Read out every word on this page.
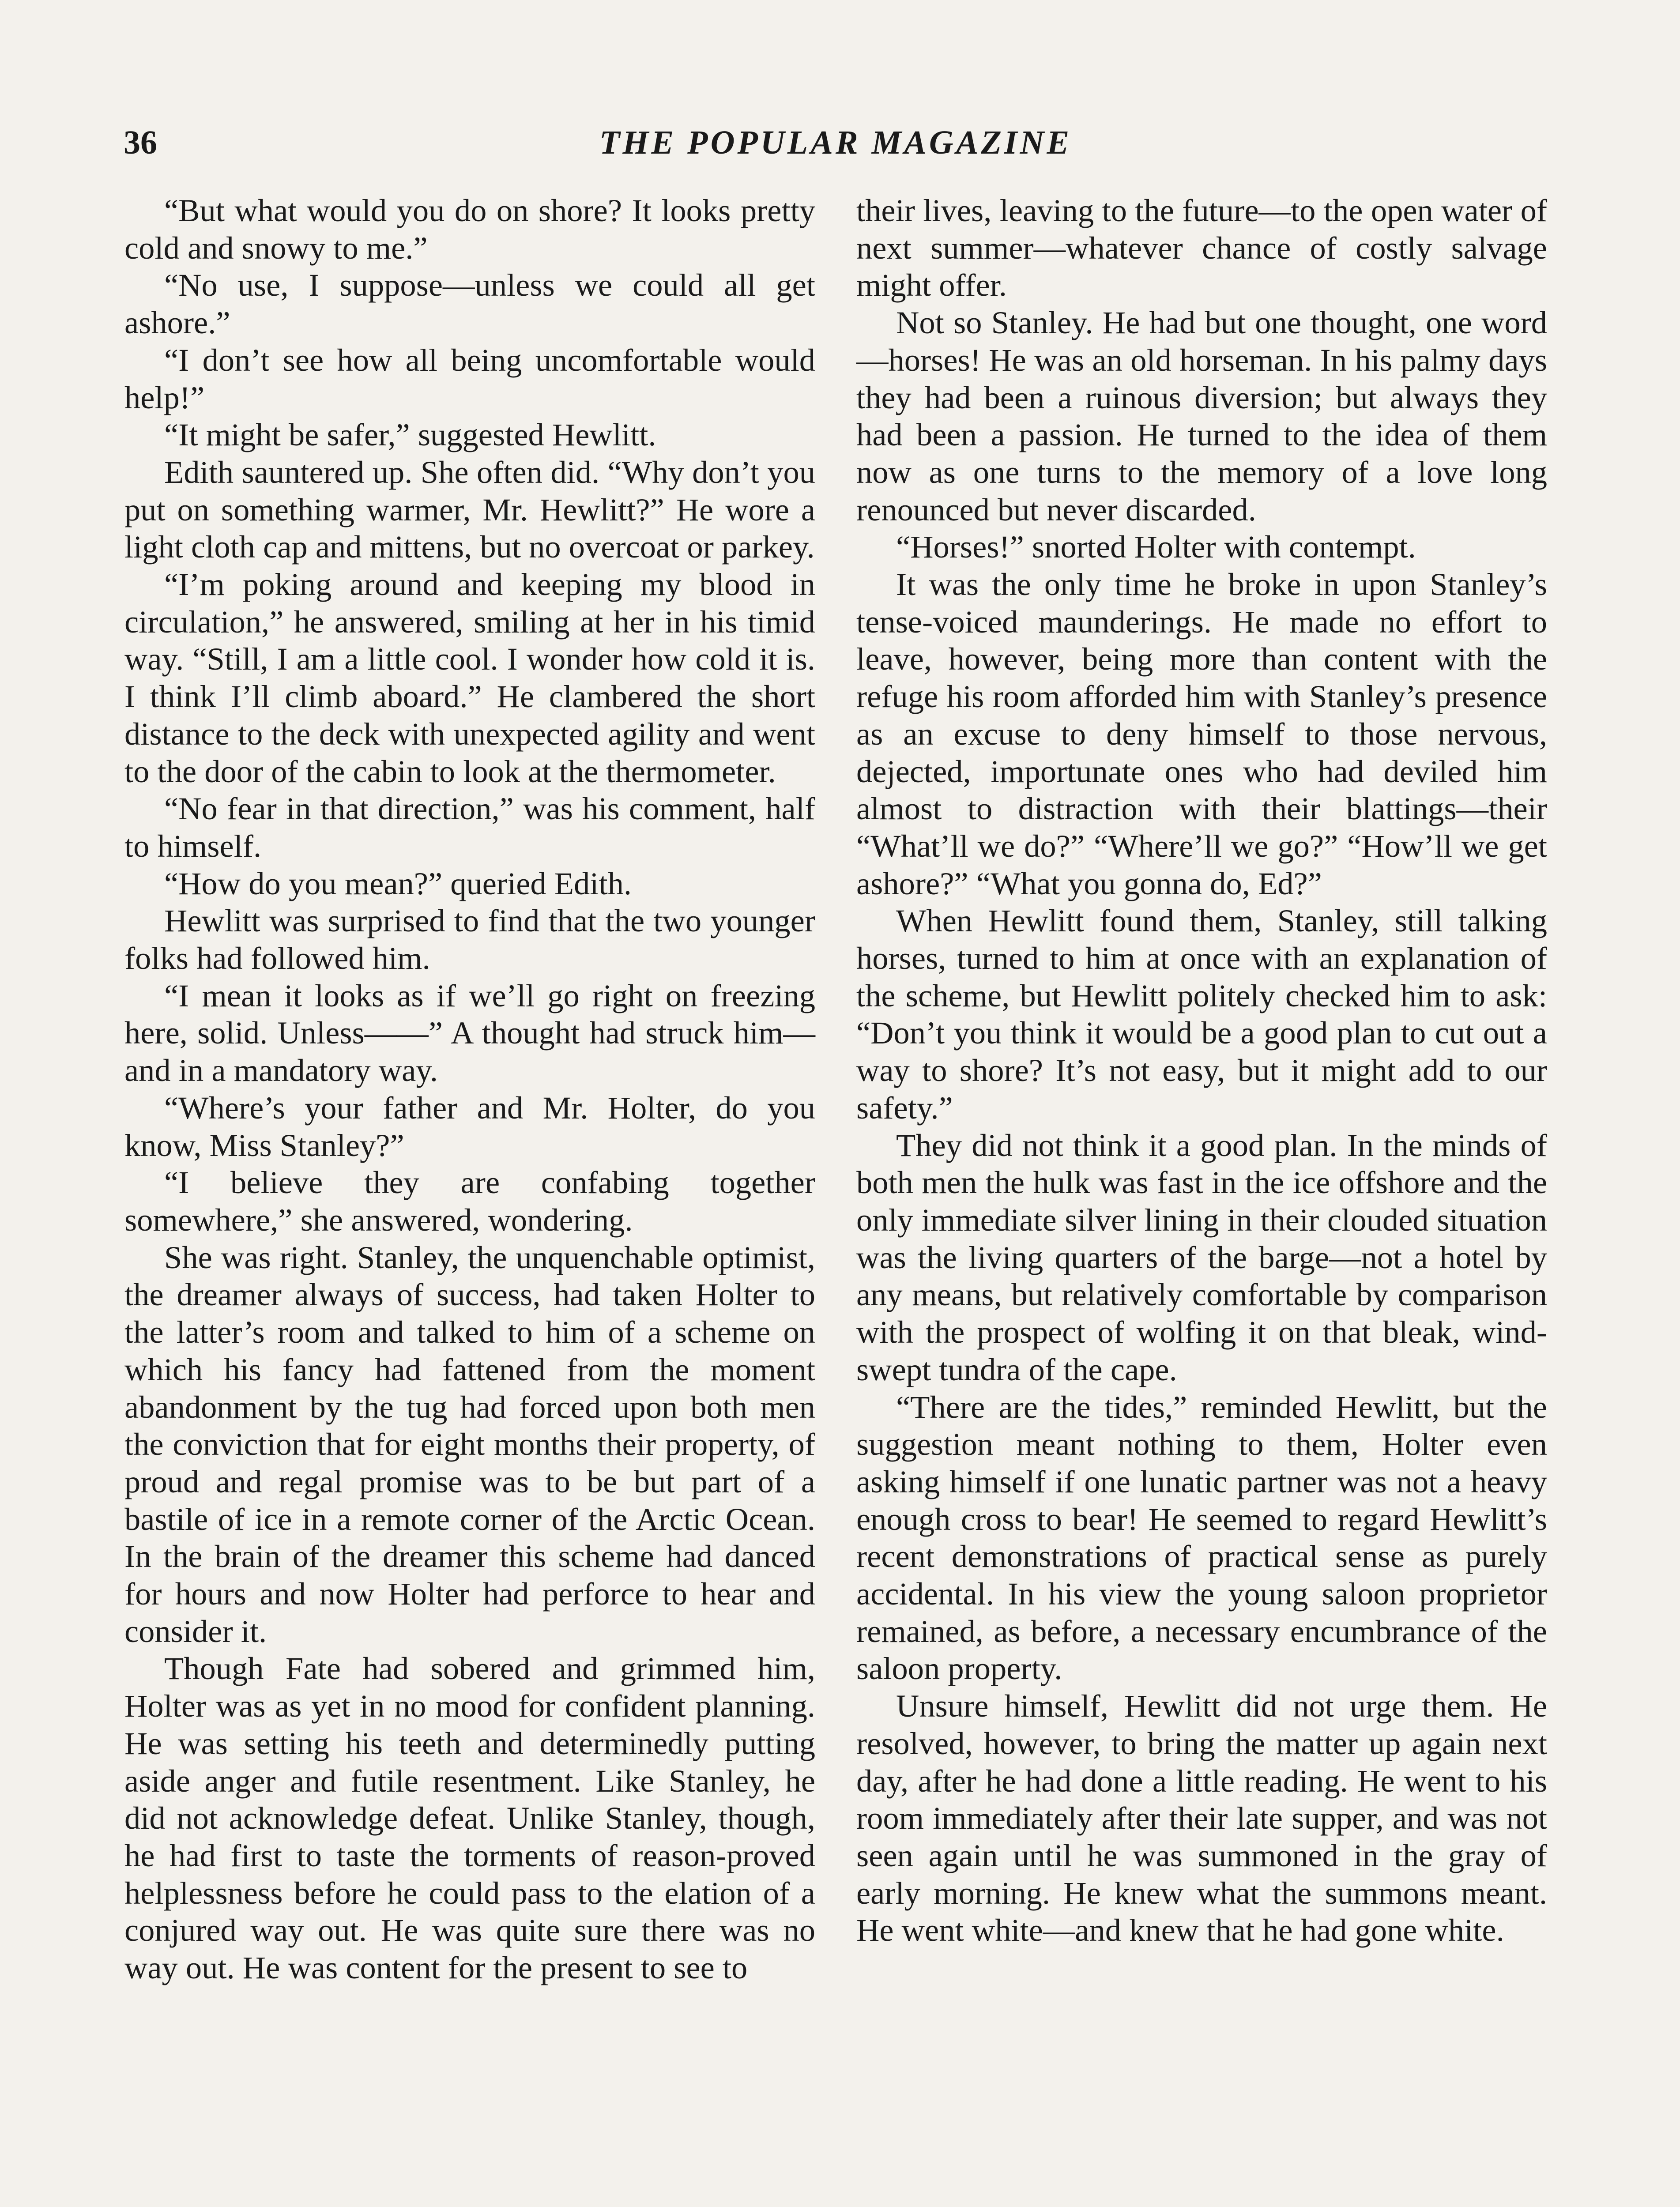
36	THE POPULAR MAGAZINE

“But what would you do on shore? It looks pretty cold and snowy to me.”

“No use, I suppose—unless we could all get ashore.”

“I don’t see how all being uncomfortable would help!”

“It might be safer,” suggested Hewlitt.

Edith sauntered up. She often did. “Why don’t you put on something warmer, Mr. Hewlitt?” He wore a light cloth cap and mittens, but no overcoat or parkey.

“I’m poking around and keeping my blood in circulation,” he answered, smiling at her in his timid way. “Still, I am a little cool. I wonder how cold it is. I think I’ll climb aboard.” He clambered the short distance to the deck with unexpected agility and went to the door of the cabin to look at the thermometer.

“No fear in that direction,” was his comment, half to himself.

“How do you mean?” queried Edith.

Hewlitt was surprised to find that the two younger folks had followed him.

“I mean it looks as if we’ll go right on freezing here, solid. Unless——” A thought had struck him—and in a mandatory way.

“Where’s your father and Mr. Holter, do you know, Miss Stanley?”

“I believe they are confabing together somewhere,” she answered, wondering.

She was right. Stanley, the unquenchable optimist, the dreamer always of success, had taken Holter to the latter’s room and talked to him of a scheme on which his fancy had fattened from the moment abandonment by the tug had forced upon both men the conviction that for eight months their property, of proud and regal promise was to be but part of a bastile of ice in a remote corner of the Arctic Ocean. In the brain of the dreamer this scheme had danced for hours and now Holter had perforce to hear and consider it.

Though Fate had sobered and grimmed him, Holter was as yet in no mood for confident planning. He was setting his teeth and determinedly putting aside anger and futile resentment. Like Stanley, he did not acknowledge defeat. Unlike Stanley, though, he had first to taste the torments of reason-proved helplessness before he could pass to the elation of a conjured way out. He was quite sure there was no way out. He was content for the present to see to

their lives, leaving to the future—to the open water of next summer—whatever chance of costly salvage might offer.

Not so Stanley. He had but one thought, one word—horses! He was an old horseman. In his palmy days they had been a ruinous diversion; but always they had been a passion. He turned to the idea of them now as one turns to the memory of a love long renounced but never discarded.

“Horses!” snorted Holter with contempt.

It was the only time he broke in upon Stanley’s tense-voiced maunderings. He made no effort to leave, however, being more than content with the refuge his room afforded him with Stanley’s presence as an excuse to deny himself to those nervous, dejected, importunate ones who had deviled him almost to distraction with their blattings—their “What’ll we do?” “Where’ll we go?” “How’ll we get ashore?” “What you gonna do, Ed?”

When Hewlitt found them, Stanley, still talking horses, turned to him at once with an explanation of the scheme, but Hewlitt politely checked him to ask: “Don’t you think it would be a good plan to cut out a way to shore? It’s not easy, but it might add to our safety.”

They did not think it a good plan. In the minds of both men the hulk was fast in the ice offshore and the only immediate silver lining in their clouded situation was the living quarters of the barge—not a hotel by any means, but relatively comfortable by comparison with the prospect of wolfing it on that bleak, wind-swept tundra of the cape.

“There are the tides,” reminded Hewlitt, but the suggestion meant nothing to them, Holter even asking himself if one lunatic partner was not a heavy enough cross to bear! He seemed to regard Hewlitt’s recent demonstrations of practical sense as purely accidental. In his view the young saloon proprietor remained, as before, a necessary encumbrance of the saloon property.

Unsure himself, Hewlitt did not urge them. He resolved, however, to bring the matter up again next day, after he had done a little reading. He went to his room immediately after their late supper, and was not seen again until he was summoned in the gray of early morning. He knew what the summons meant. He went white—and knew that he had gone white.
